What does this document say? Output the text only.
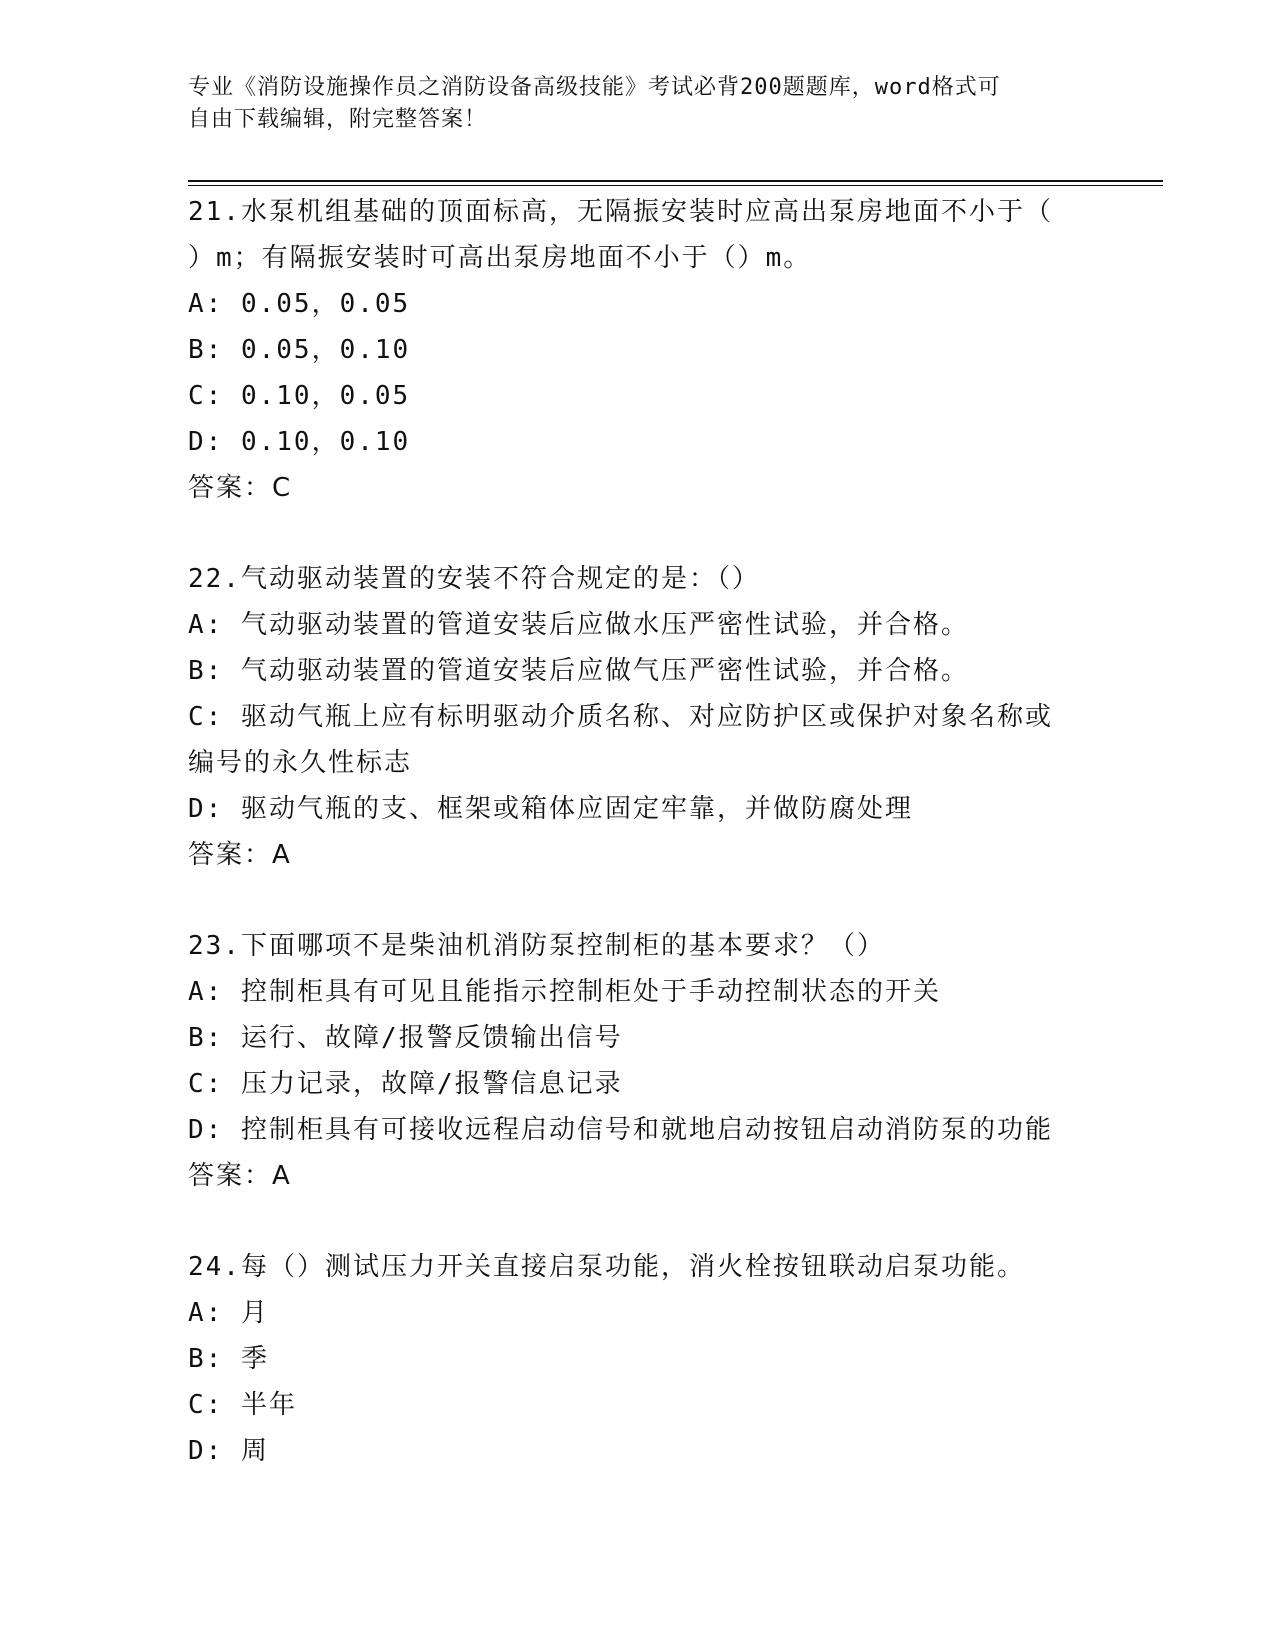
专业《消防设施操作员之消防设备高级技能》考试必背200题题库，word格式可
自由下载编辑，附完整答案！
21.水泵机组基础的顶面标高，无隔振安装时应高出泵房地面不小于（
）m；有隔振安装时可高出泵房地面不小于（）m。
A: 0.05，0.05
B: 0.05，0.10
C: 0.10，0.05
D: 0.10，0.10
答案：C
22.气动驱动装置的安装不符合规定的是：（）
A: 气动驱动装置的管道安装后应做水压严密性试验，并合格。
B: 气动驱动装置的管道安装后应做气压严密性试验，并合格。
C: 驱动气瓶上应有标明驱动介质名称、对应防护区或保护对象名称或
编号的永久性标志
D: 驱动气瓶的支、框架或箱体应固定牢靠，并做防腐处理
答案：A
23.下面哪项不是柴油机消防泵控制柜的基本要求？（）
A: 控制柜具有可见且能指示控制柜处于手动控制状态的开关
B: 运行、故障/报警反馈输出信号
C: 压力记录，故障/报警信息记录
D: 控制柜具有可接收远程启动信号和就地启动按钮启动消防泵的功能
答案：A
24.每（）测试压力开关直接启泵功能，消火栓按钮联动启泵功能。
A: 月
B: 季
C: 半年
D: 周
